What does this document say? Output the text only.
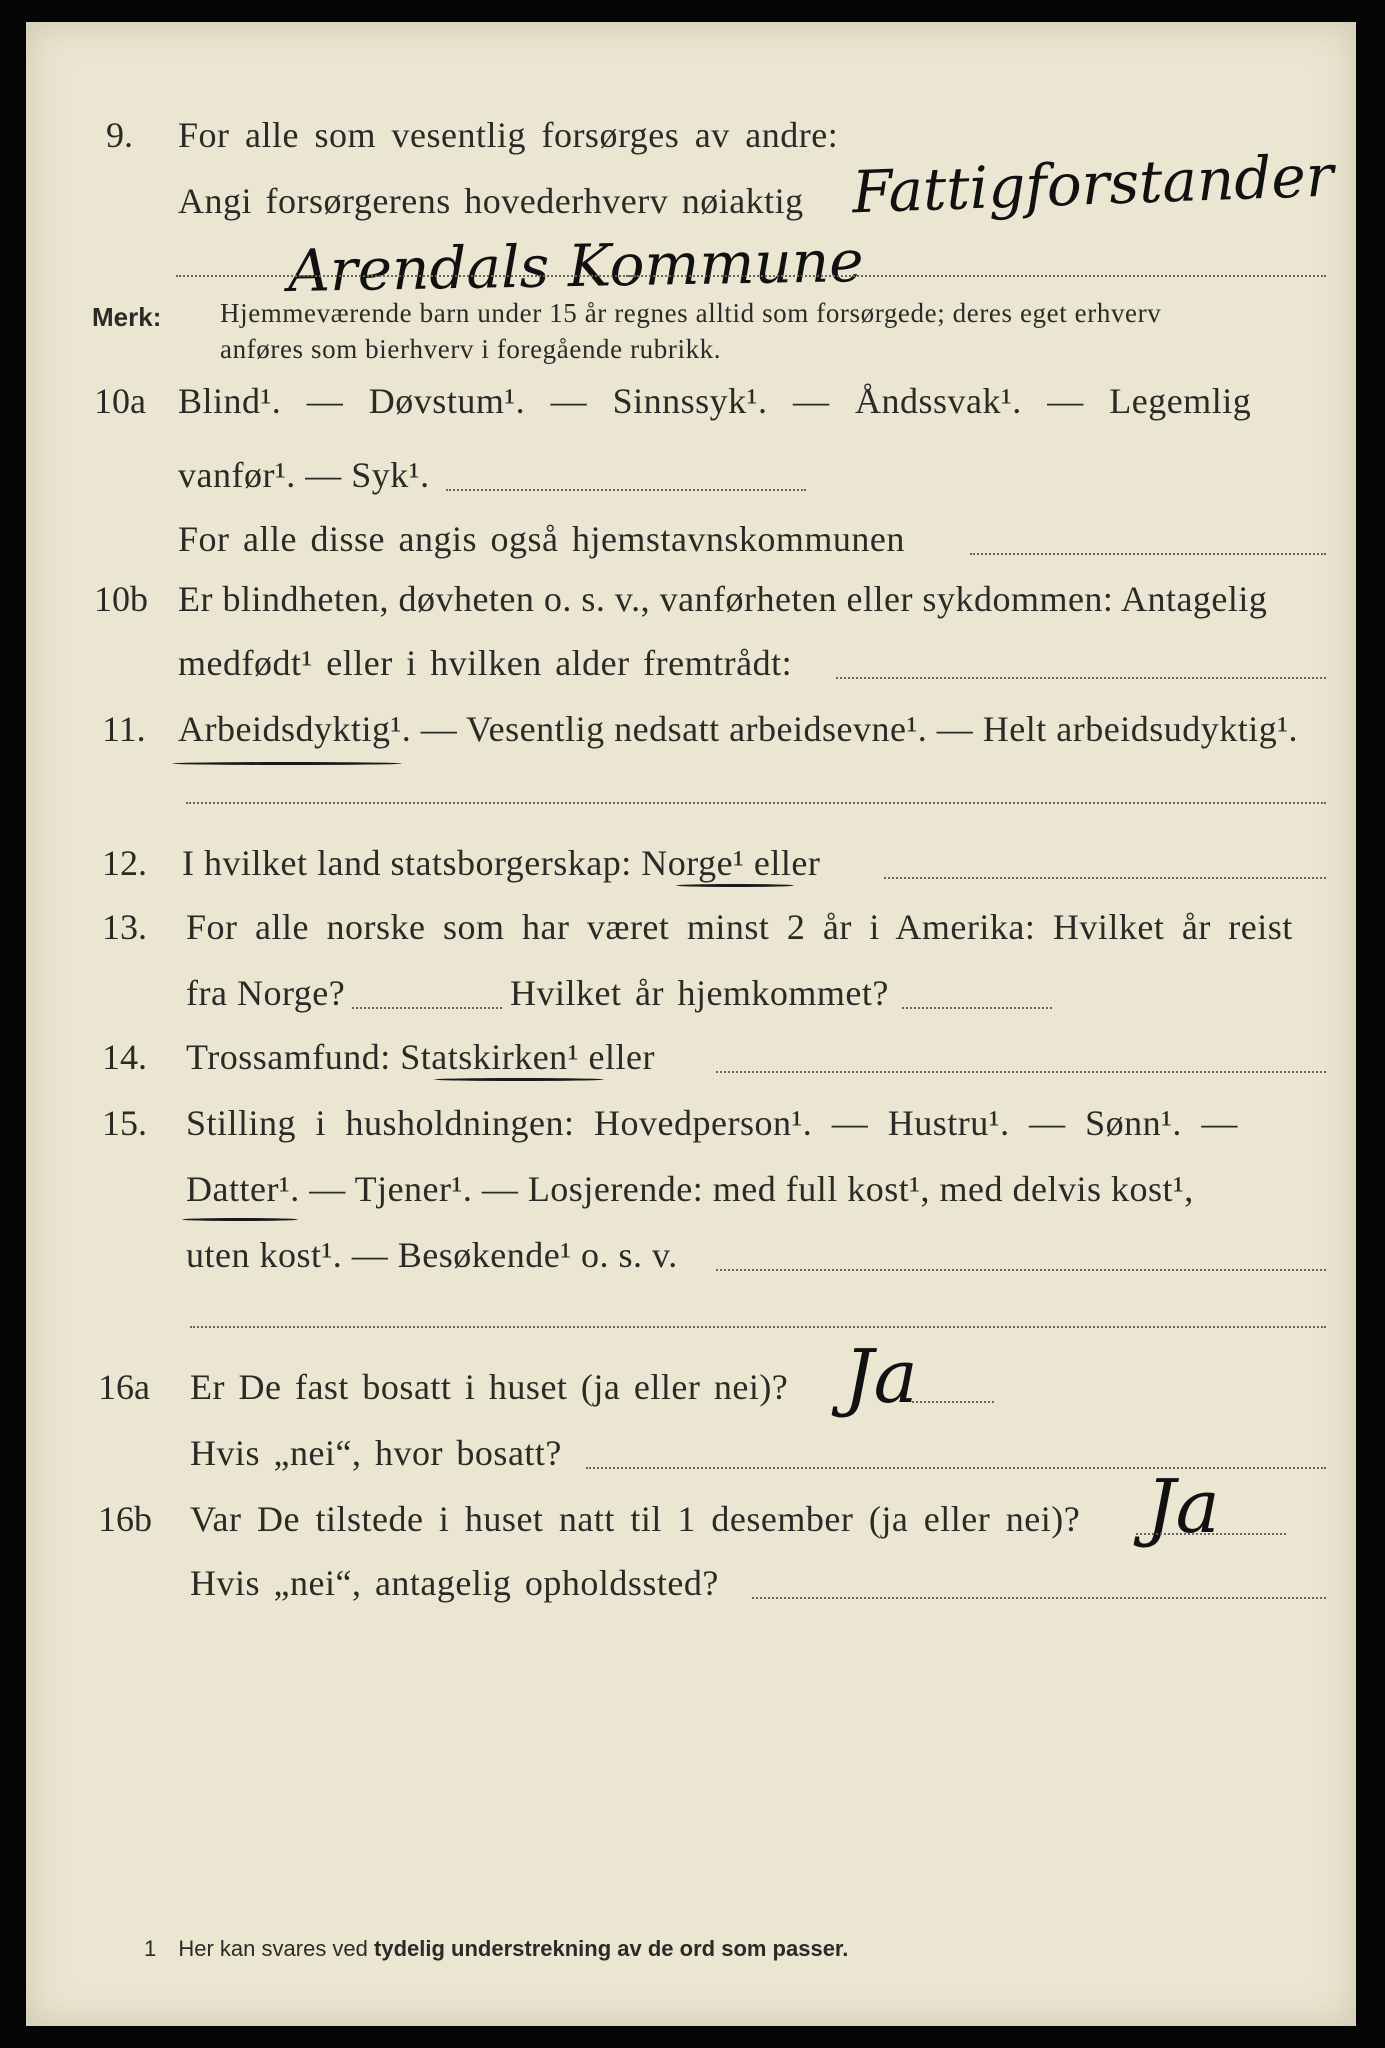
9. For alle som vesentlig forsørges av andre:
Angi forsørgerens hovederhverv nøiaktig Fattigforstander
Arendals Kommune
Merk: Hjemmeværende barn under 15 år regnes alltid som forsørgede; deres eget erhverv
anføres som bierhverv i foregående rubrikk.
10a Blind¹. — Døvstum¹. — Sinnssyk¹. — Åndssvak¹. — Legemlig
vanfør¹. — Syk¹.
For alle disse angis også hjemstavnskommunen
10b Er blindheten, døvheten o. s. v., vanførheten eller sykdommen: Antagelig
medfødt¹ eller i hvilken alder fremtrådt:
11. Arbeidsdyktig¹. — Vesentlig nedsatt arbeidsevne¹. — Helt arbeidsudyktig¹.
12. I hvilket land statsborgerskap: Norge¹ eller
13. For alle norske som har været minst 2 år i Amerika: Hvilket år reist
fra Norge?	Hvilket år hjemkommet?
14. Trossamfund: Statskirken¹ eller
15. Stilling i husholdningen: Hovedperson¹. — Hustru¹. — Sønn¹. —
Datter¹. — Tjener¹. — Losjerende: med full kost¹, med delvis kost¹,
uten kost¹. — Besøkende¹ o. s. v.
16a Er De fast bosatt i huset (ja eller nei)? Ja
Hvis „nei“, hvor bosatt?
16b Var De tilstede i huset natt til 1 desember (ja eller nei)? Ja
Hvis „nei“, antagelig opholdssted?
1 Her kan svares ved tydelig understrekning av de ord som passer.
